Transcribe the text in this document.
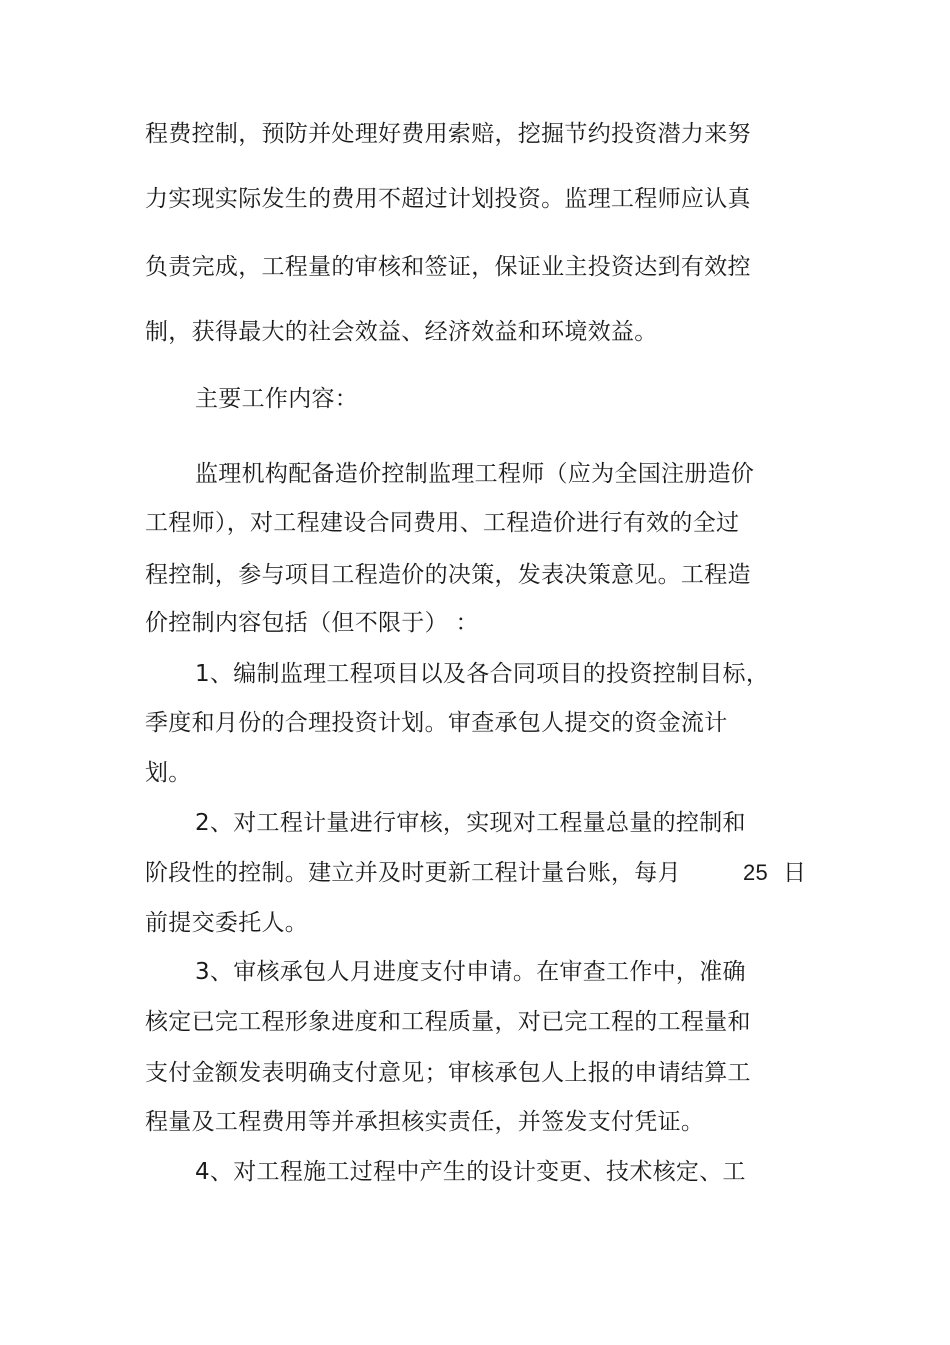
程费控制，预防并处理好费用索赔，挖掘节约投资潜力来努
力实现实际发生的费用不超过计划投资。监理工程师应认真
负责完成，工程量的审核和签证，保证业主投资达到有效控
制，获得最大的社会效益、经济效益和环境效益。
主要工作内容：
监理机构配备造价控制监理工程师（应为全国注册造价
工程师），对工程建设合同费用、工程造价进行有效的全过
程控制，参与项目工程造价的决策，发表决策意见。工程造
价控制内容包括（但不限于） ：
1、编制监理工程项目以及各合同项目的投资控制目标，
季度和月份的合理投资计划。审查承包人提交的资金流计
划。
2、对工程计量进行审核，实现对工程量总量的控制和
阶段性的控制。建立并及时更新工程计量台账，每月	25 日
前提交委托人。
3、审核承包人月进度支付申请。在审查工作中，准确
核定已完工程形象进度和工程质量，对已完工程的工程量和
支付金额发表明确支付意见；审核承包人上报的申请结算工
程量及工程费用等并承担核实责任，并签发支付凭证。
4、对工程施工过程中产生的设计变更、技术核定、工
